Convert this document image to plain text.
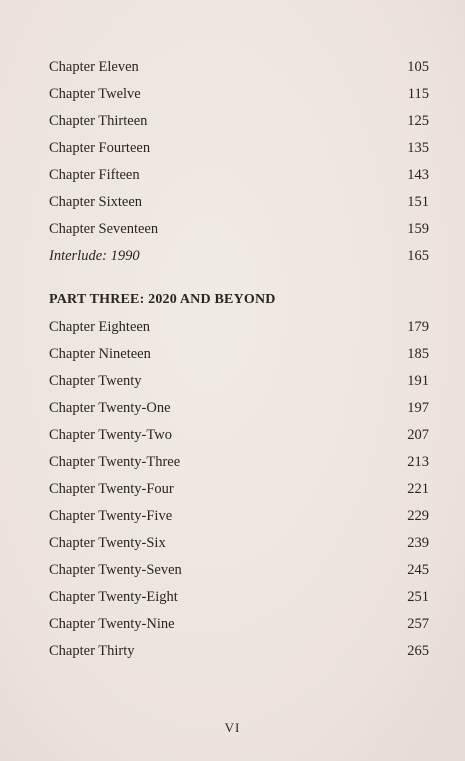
Chapter Eleven	105
Chapter Twelve	115
Chapter Thirteen	125
Chapter Fourteen	135
Chapter Fifteen	143
Chapter Sixteen	151
Chapter Seventeen	159
Interlude: 1990	165
PART THREE: 2020 AND BEYOND
Chapter Eighteen	179
Chapter Nineteen	185
Chapter Twenty	191
Chapter Twenty-One	197
Chapter Twenty-Two	207
Chapter Twenty-Three	213
Chapter Twenty-Four	221
Chapter Twenty-Five	229
Chapter Twenty-Six	239
Chapter Twenty-Seven	245
Chapter Twenty-Eight	251
Chapter Twenty-Nine	257
Chapter Thirty	265
VI
